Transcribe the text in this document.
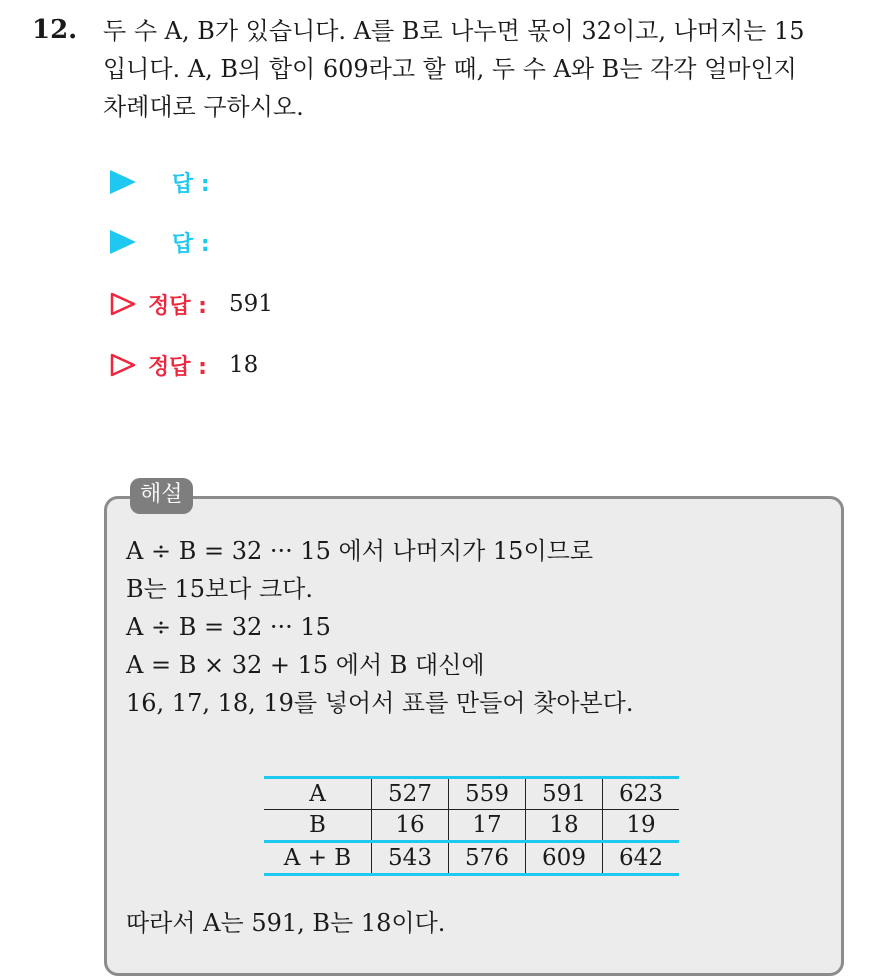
12. 두 수 A, B가 있습니다. A를 B로 나누면 몫이 32이고, 나머지는 15
입니다. A, B의 합이 609라고 할 때, 두 수 A와 B는 각각 얼마인지
차례대로 구하시오.
답 :
답 :
정답 : 591
정답 : 18
해설
A ÷ B = 32 ··· 15 에서 나머지가 15이므로
B는 15보다 크다.
A ÷ B = 32 ··· 15
A = B × 32 + 15 에서 B 대신에
16, 17, 18, 19를 넣어서 표를 만들어 찾아본다.
A	527	559	591	623
B	16	17	18	19
A + B	543	576	609	642
따라서 A는 591, B는 18이다.
